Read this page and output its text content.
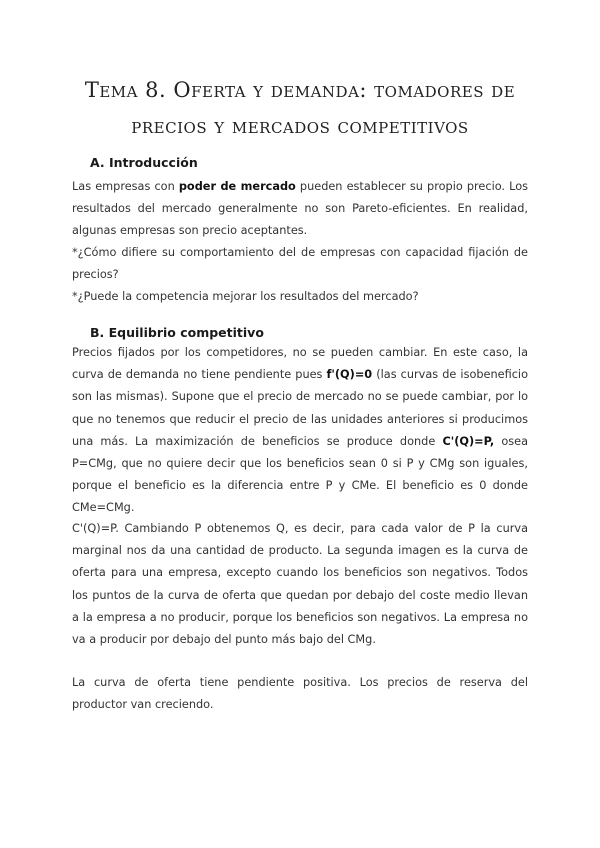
Tema 8. Oferta y demanda: tomadores de precios y mercados competitivos
A. Introducción
Las empresas con poder de mercado pueden establecer su propio precio. Los resultados del mercado generalmente no son Pareto-eficientes. En realidad, algunas empresas son precio aceptantes.
*¿Cómo difiere su comportamiento del de empresas con capacidad fijación de precios?
*¿Puede la competencia mejorar los resultados del mercado?
B. Equilibrio competitivo
Precios fijados por los competidores, no se pueden cambiar. En este caso, la curva de demanda no tiene pendiente pues f'(Q)=0 (las curvas de isobeneficio son las mismas). Supone que el precio de mercado no se puede cambiar, por lo que no tenemos que reducir el precio de las unidades anteriores si producimos una más. La maximización de beneficios se produce donde C'(Q)=P, osea P=CMg, que no quiere decir que los beneficios sean 0 si P y CMg son iguales, porque el beneficio es la diferencia entre P y CMe. El beneficio es 0 donde CMe=CMg.
C'(Q)=P. Cambiando P obtenemos Q, es decir, para cada valor de P la curva marginal nos da una cantidad de producto. La segunda imagen es la curva de oferta para una empresa, excepto cuando los beneficios son negativos. Todos los puntos de la curva de oferta que quedan por debajo del coste medio llevan a la empresa a no producir, porque los beneficios son negativos. La empresa no va a producir por debajo del punto más bajo del CMg.
La curva de oferta tiene pendiente positiva. Los precios de reserva del productor van creciendo.
